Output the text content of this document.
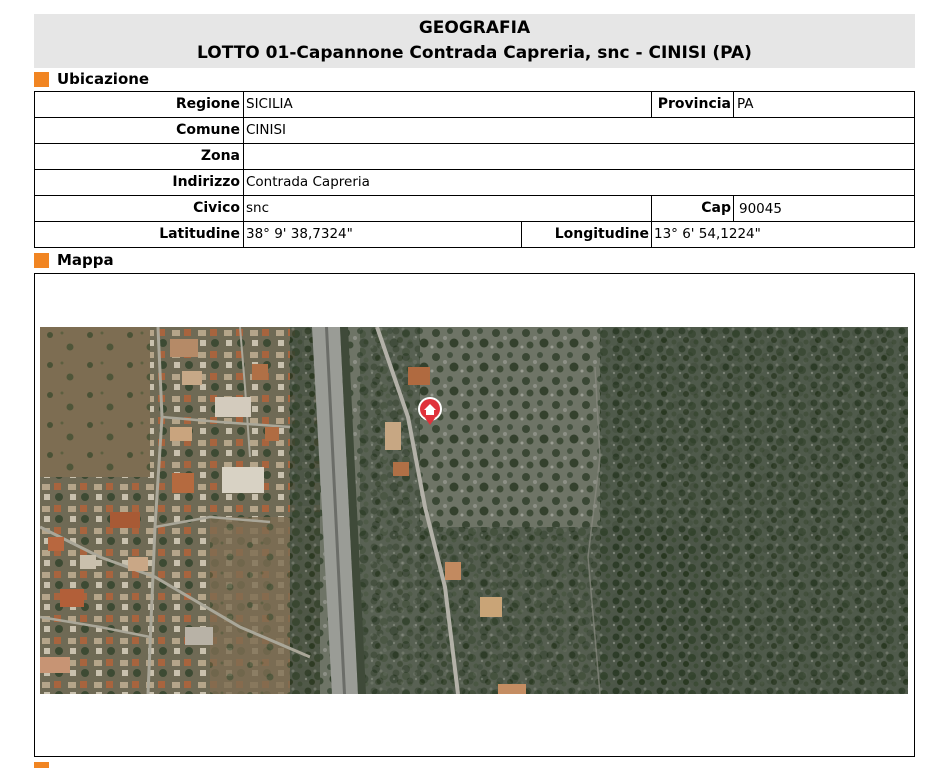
GEOGRAFIA
LOTTO 01-Capannone Contrada Capreria, snc - CINISI (PA)
Ubicazione
Regione SICILIA	Provincia PA
Comune CINISI
Zona
Indirizzo Contrada Capreria
Civico snc	Cap 90045
Latitudine 38° 9' 38,7324"	Longitudine 13° 6' 54,1224"
Mappa
